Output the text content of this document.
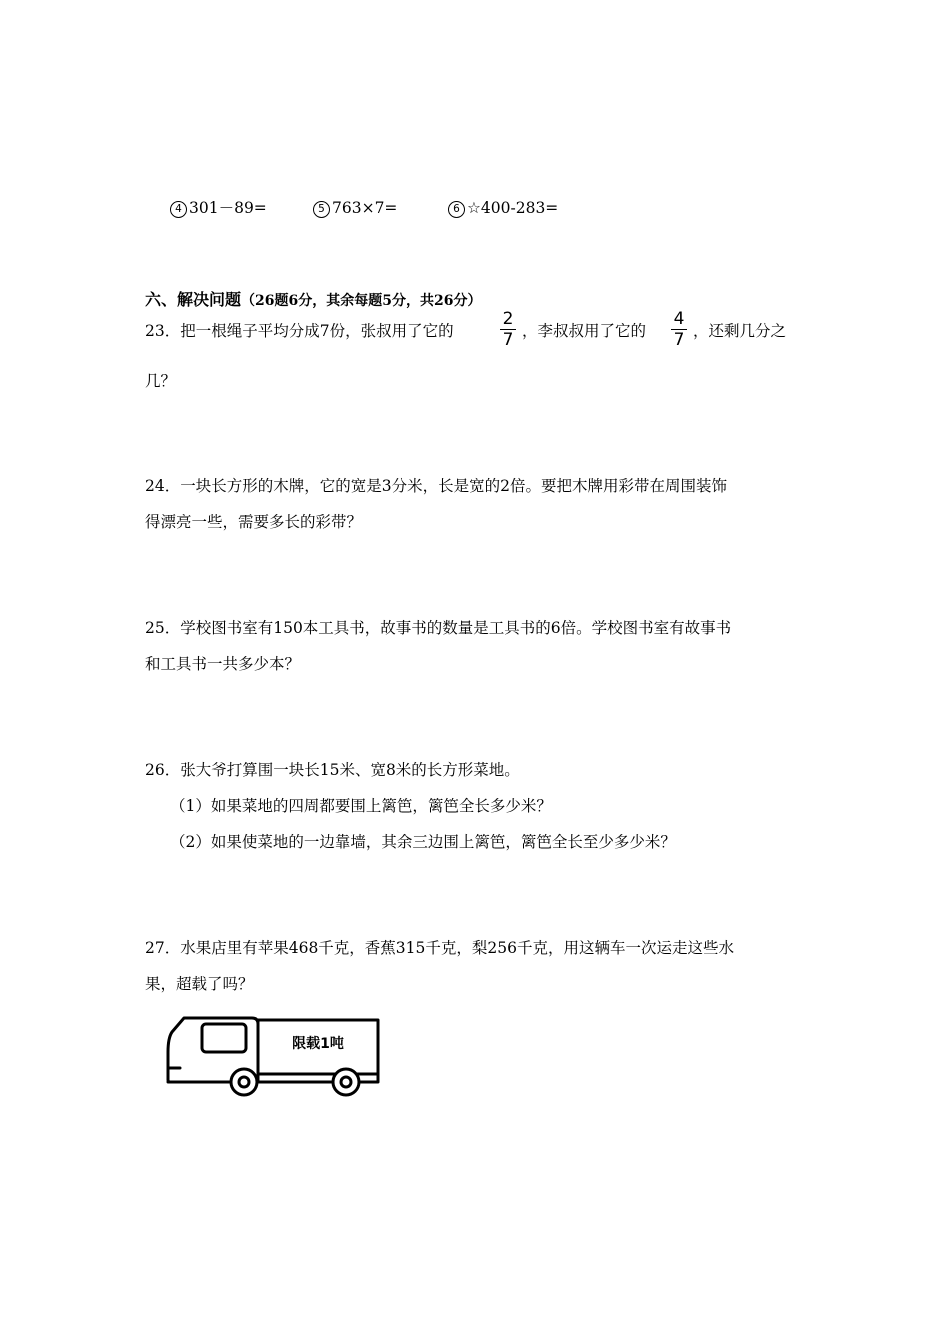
4 301－89=	5 763×7=	6 ☆400-283=
六、解决问题（26题6分，其余每题5分，共26分）
23．把一根绳子平均分成7份，张叔用了它的
2
7 ，李叔叔用了它的
4
7 ，还剩几分之
几？
24．一块长方形的木牌，它的宽是3分米，长是宽的2倍。要把木牌用彩带在周围装饰
得漂亮一些，需要多长的彩带？
25．学校图书室有150本工具书，故事书的数量是工具书的6倍。学校图书室有故事书
和工具书一共多少本？
26．张大爷打算围一块长15米、宽8米的长方形菜地。
（1）如果菜地的四周都要围上篱笆，篱笆全长多少米？
（2）如果使菜地的一边靠墙，其余三边围上篱笆，篱笆全长至少多少米？
27．水果店里有苹果468千克，香蕉315千克，梨256千克，用这辆车一次运走这些水
果，超载了吗？
限载1吨
